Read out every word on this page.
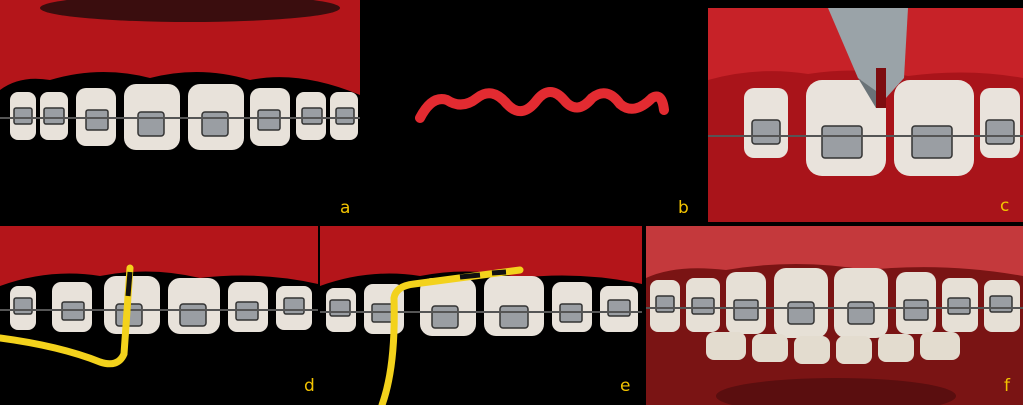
a	b	c
d	e	f
